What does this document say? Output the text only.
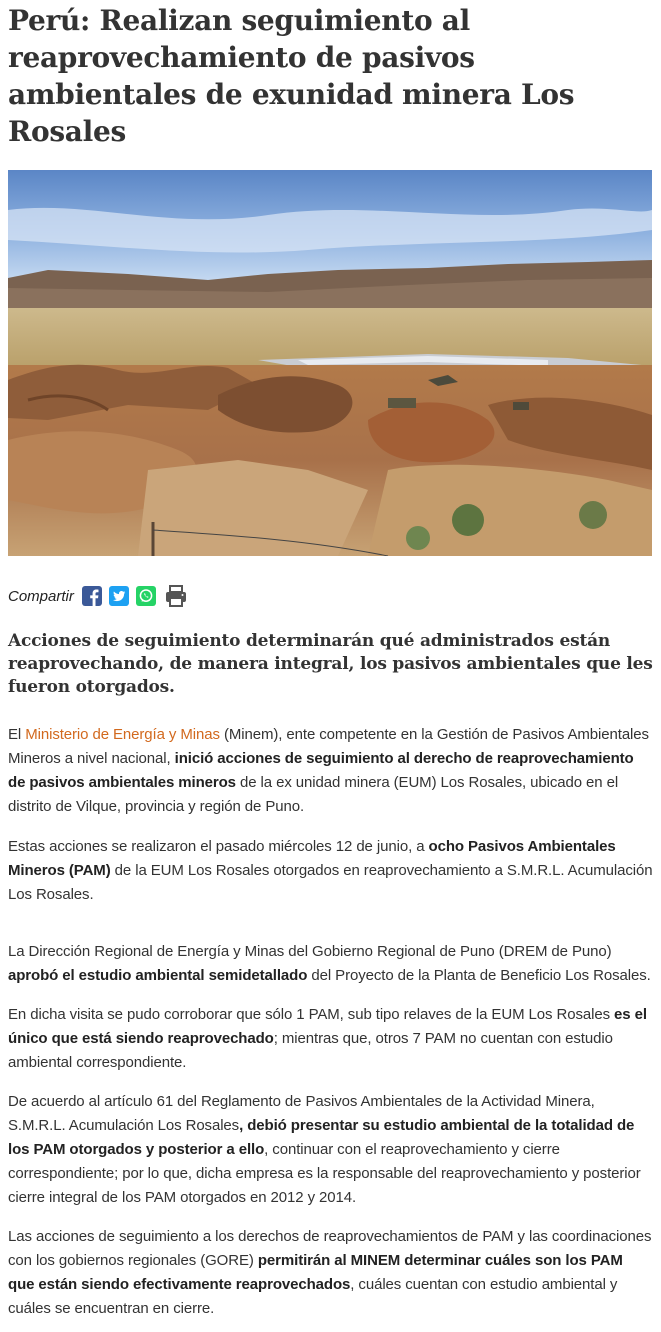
Perú: Realizan seguimiento al reaprovechamiento de pasivos ambientales de exunidad minera Los Rosales
Compartir
Acciones de seguimiento determinarán qué administrados están reaprovechando, de manera integral, los pasivos ambientales que les fueron otorgados.

El Ministerio de Energía y Minas (Minem), ente competente en la Gestión de Pasivos Ambientales Mineros a nivel nacional, inició acciones de seguimiento al derecho de reaprovechamiento de pasivos ambientales mineros de la ex unidad minera (EUM) Los Rosales, ubicado en el distrito de Vilque, provincia y región de Puno.

Estas acciones se realizaron el pasado miércoles 12 de junio, a ocho Pasivos Ambientales Mineros (PAM) de la EUM Los Rosales otorgados en reaprovechamiento a S.M.R.L. Acumulación Los Rosales.

La Dirección Regional de Energía y Minas del Gobierno Regional de Puno (DREM de Puno) aprobó el estudio ambiental semidetallado del Proyecto de la Planta de Beneficio Los Rosales.

En dicha visita se pudo corroborar que sólo 1 PAM, sub tipo relaves de la EUM Los Rosales es el único que está siendo reaprovechado; mientras que, otros 7 PAM no cuentan con estudio ambiental correspondiente.

De acuerdo al artículo 61 del Reglamento de Pasivos Ambientales de la Actividad Minera, S.M.R.L. Acumulación Los Rosales, debió presentar su estudio ambiental de la totalidad de los PAM otorgados y posterior a ello, continuar con el reaprovechamiento y cierre correspondiente; por lo que, dicha empresa es la responsable del reaprovechamiento y posterior cierre integral de los PAM otorgados en 2012 y 2014.

Las acciones de seguimiento a los derechos de reaprovechamientos de PAM y las coordinaciones con los gobiernos regionales (GORE) permitirán al MINEM determinar cuáles son los PAM que están siendo efectivamente reaprovechados, cuáles cuentan con estudio ambiental y cuáles se encuentran en cierre.
